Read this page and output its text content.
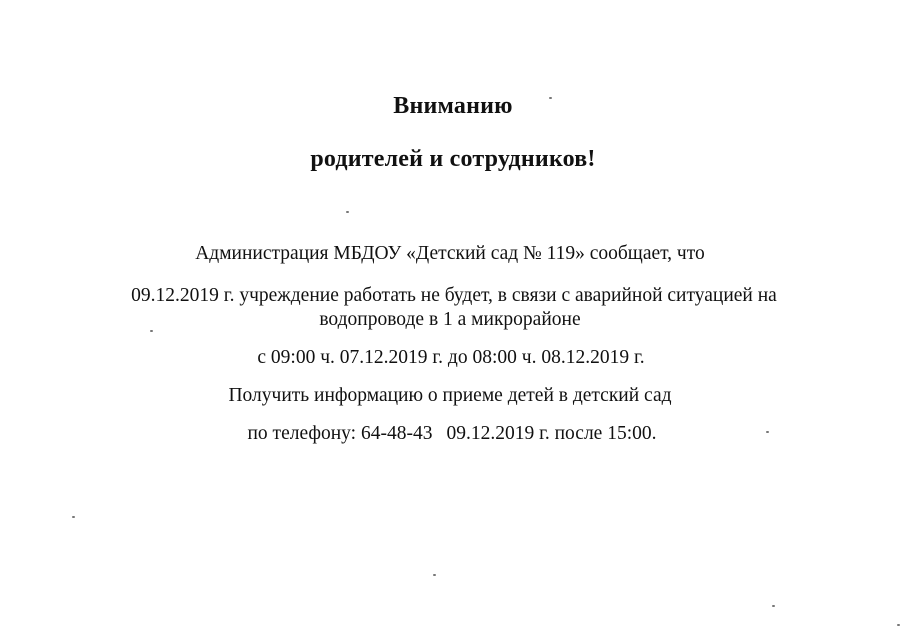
Вниманию
родителей и сотрудников!
Администрация МБДОУ «Детский сад № 119» сообщает, что
09.12.2019 г. учреждение работать не будет, в связи с аварийной ситуацией на
водопроводе в 1 а микрорайоне
с 09:00 ч. 07.12.2019 г. до 08:00 ч. 08.12.2019 г.
Получить информацию о приеме детей в детский сад
по телефону: 64-48-43 09.12.2019 г. после 15:00.
